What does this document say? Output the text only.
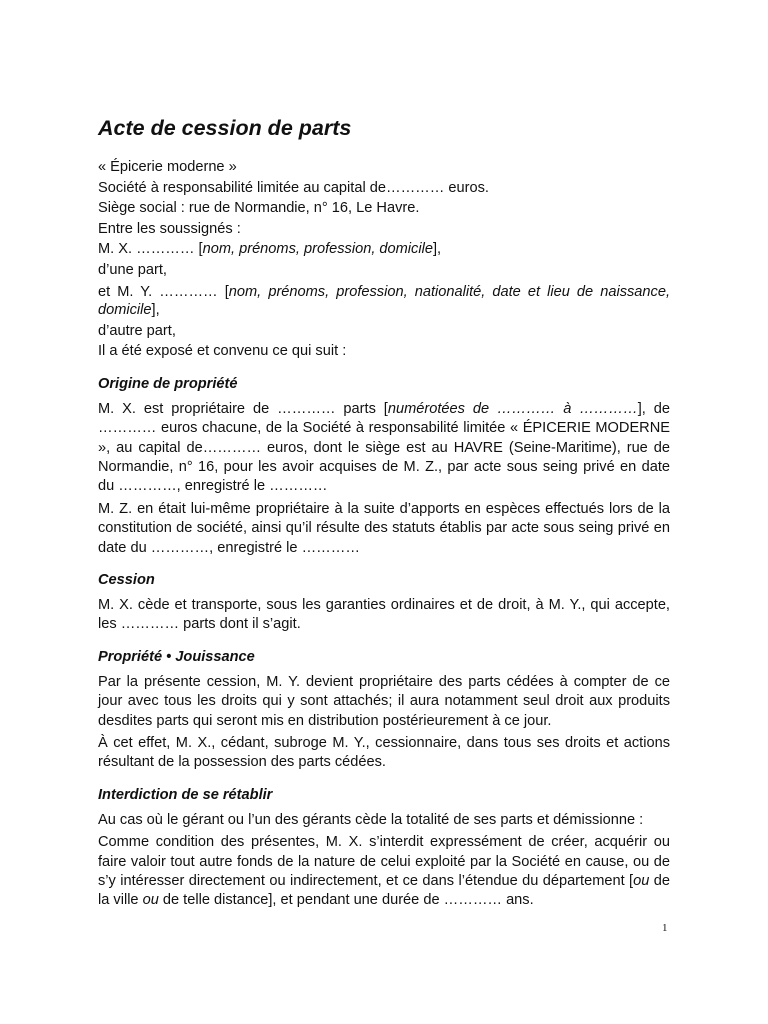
Acte de cession de parts
« Épicerie moderne »
Société à responsabilité limitée au capital de………… euros.
Siège social : rue de Normandie, n° 16, Le Havre.
Entre les soussignés :
M. X. ………… [nom, prénoms, profession, domicile],
d’une part,
et M. Y. ………… [nom, prénoms, profession, nationalité, date et lieu de naissance, domicile],
d’autre part,
Il a été exposé et convenu ce qui suit :
Origine de propriété
M. X. est propriétaire de ………… parts [numérotées de ………… à …………], de ………… euros chacune, de la Société à responsabilité limitée « ÉPICERIE MODERNE », au capital de………… euros, dont le siège est au HAVRE (Seine-Maritime), rue de Normandie, n° 16, pour les avoir acquises de M. Z., par acte sous seing privé en date du …………, enregistré le …………
M. Z. en était lui-même propriétaire à la suite d’apports en espèces effectués lors de la constitution de société, ainsi qu’il résulte des statuts établis par acte sous seing privé en date du …………, enregistré le …………
Cession
M. X. cède et transporte, sous les garanties ordinaires et de droit, à M. Y., qui accepte, les ………… parts dont il s’agit.
Propriété • Jouissance
Par la présente cession, M. Y. devient propriétaire des parts cédées à compter de ce jour avec tous les droits qui y sont attachés; il aura notamment seul droit aux produits desdites parts qui seront mis en distribution postérieurement à ce jour.
À cet effet, M. X., cédant, subroge M. Y., cessionnaire, dans tous ses droits et actions résultant de la possession des parts cédées.
Interdiction de se rétablir
Au cas où le gérant ou l’un des gérants cède la totalité de ses parts et démissionne :
Comme condition des présentes, M. X. s’interdit expressément de créer, acquérir ou faire valoir tout autre fonds de la nature de celui exploité par la Société en cause, ou de s’y intéresser directement ou indirectement, et ce dans l’étendue du département [ou de la ville ou de telle distance], et pendant une durée de ………… ans.
1
